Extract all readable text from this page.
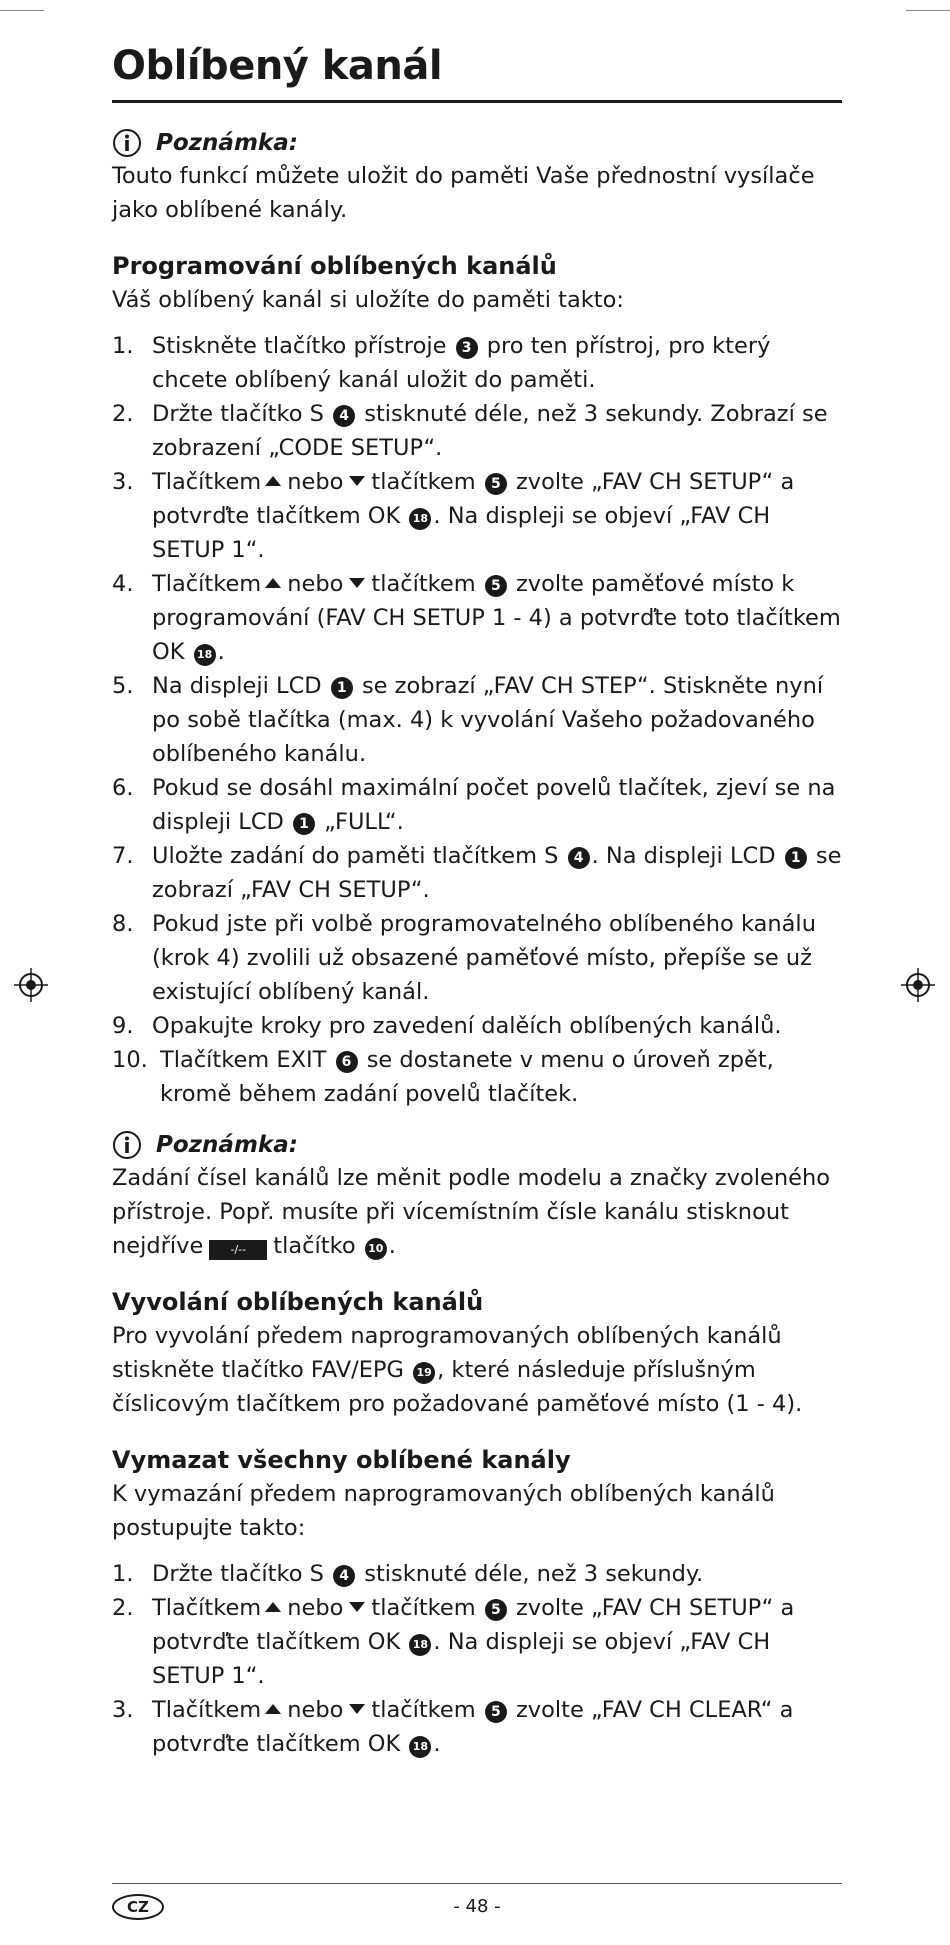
Oblíbený kanál
Poznámka:
Touto funkcí můžete uložit do paměti Vaše přednostní vysílače jako oblíbené kanály.
Programování oblíbených kanálů
Váš oblíbený kanál si uložíte do paměti takto:
1. Stiskněte tlačítko přístroje 3 pro ten přístroj, pro který chcete oblíbený kanál uložit do paměti.
2. Držte tlačítko S 4 stisknuté déle, než 3 sekundy. Zobrazí se zobrazení „CODE SETUP“.
3. Tlačítkem nebo tlačítkem 5 zvolte „FAV CH SETUP“ a potvrďte tlačítkem OK 18 . Na displeji se objeví „FAV CH SETUP 1“.
4. Tlačítkem nebo tlačítkem 5 zvolte paměťové místo k programování (FAV CH SETUP 1 - 4) a potvrďte toto tlačítkem OK 18 .
5. Na displeji LCD 1 se zobrazí „FAV CH STEP“. Stiskněte nyní po sobě tlačítka (max. 4) k vyvolání Vašeho požadovaného oblíbeného kanálu.
6. Pokud se dosáhl maximální počet povelů tlačítek, zjeví se na displeji LCD 1 „FULL“.
7. Uložte zadání do paměti tlačítkem S 4 . Na displeji LCD 1 se zobrazí „FAV CH SETUP“.
8. Pokud jste při volbě programovatelného oblíbeného kanálu (krok 4) zvolili už obsazené paměťové místo, přepíše se už existující oblíbený kanál.
9. Opakujte kroky pro zavedení dalěích oblíbených kanálů.
10. Tlačítkem EXIT 6 se dostanete v menu o úroveň zpět, kromě během zadání povelů tlačítek.
Poznámka:
Zadání čísel kanálů lze měnit podle modelu a značky zvoleného přístroje. Popř. musíte při vícemístním čísle kanálu stisknout nejdříve -/-- tlačítko 10 .
Vyvolání oblíbených kanálů
Pro vyvolání předem naprogramovaných oblíbených kanálů stiskněte tlačítko FAV/EPG 19 , které následuje příslušným číslicovým tlačítkem pro požadované paměťové místo (1 - 4).
Vymazat všechny oblíbené kanály
K vymazání předem naprogramovaných oblíbených kanálů postupujte takto:
1. Držte tlačítko S 4 stisknuté déle, než 3 sekundy.
2. Tlačítkem nebo tlačítkem 5 zvolte „FAV CH SETUP“ a potvrďte tlačítkem OK 18 . Na displeji se objeví „FAV CH SETUP 1“.
3. Tlačítkem nebo tlačítkem 5 zvolte „FAV CH CLEAR“ a potvrďte tlačítkem OK 18 .
CZ	- 48 -
